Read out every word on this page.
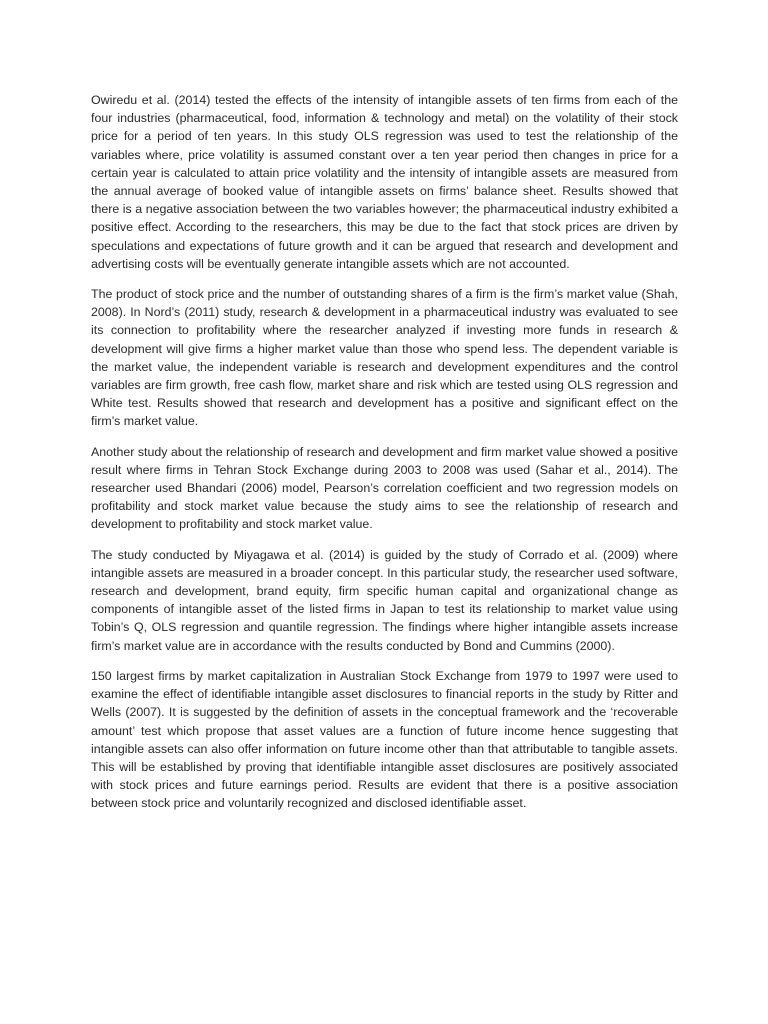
Owiredu et al. (2014) tested the effects of the intensity of intangible assets of ten firms from each of the four industries (pharmaceutical, food, information & technology and metal) on the volatility of their stock price for a period of ten years. In this study OLS regression was used to test the relationship of the variables where, price volatility is assumed constant over a ten year period then changes in price for a certain year is calculated to attain price volatility and the intensity of intangible assets are measured from the annual average of booked value of intangible assets on firms’ balance sheet. Results showed that there is a negative association between the two variables however; the pharmaceutical industry exhibited a positive effect. According to the researchers, this may be due to the fact that stock prices are driven by speculations and expectations of future growth and it can be argued that research and development and advertising costs will be eventually generate intangible assets which are not accounted.

The product of stock price and the number of outstanding shares of a firm is the firm’s market value (Shah, 2008). In Nord’s (2011) study, research & development in a pharmaceutical industry was evaluated to see its connection to profitability where the researcher analyzed if investing more funds in research & development will give firms a higher market value than those who spend less. The dependent variable is the market value, the independent variable is research and development expenditures and the control variables are firm growth, free cash flow, market share and risk which are tested using OLS regression and White test. Results showed that research and development has a positive and significant effect on the firm’s market value.

Another study about the relationship of research and development and firm market value showed a positive result where firms in Tehran Stock Exchange during 2003 to 2008 was used (Sahar et al., 2014). The researcher used Bhandari (2006) model, Pearson’s correlation coefficient and two regression models on profitability and stock market value because the study aims to see the relationship of research and development to profitability and stock market value.

The study conducted by Miyagawa et al. (2014) is guided by the study of Corrado et al. (2009) where intangible assets are measured in a broader concept. In this particular study, the researcher used software, research and development, brand equity, firm specific human capital and organizational change as components of intangible asset of the listed firms in Japan to test its relationship to market value using Tobin’s Q, OLS regression and quantile regression. The findings where higher intangible assets increase firm’s market value are in accordance with the results conducted by Bond and Cummins (2000).

150 largest firms by market capitalization in Australian Stock Exchange from 1979 to 1997 were used to examine the effect of identifiable intangible asset disclosures to financial reports in the study by Ritter and Wells (2007). It is suggested by the definition of assets in the conceptual framework and the ‘recoverable amount’ test which propose that asset values are a function of future income hence suggesting that intangible assets can also offer information on future income other than that attributable to tangible assets. This will be established by proving that identifiable intangible asset disclosures are positively associated with stock prices and future earnings period. Results are evident that there is a positive association between stock price and voluntarily recognized and disclosed identifiable asset.
